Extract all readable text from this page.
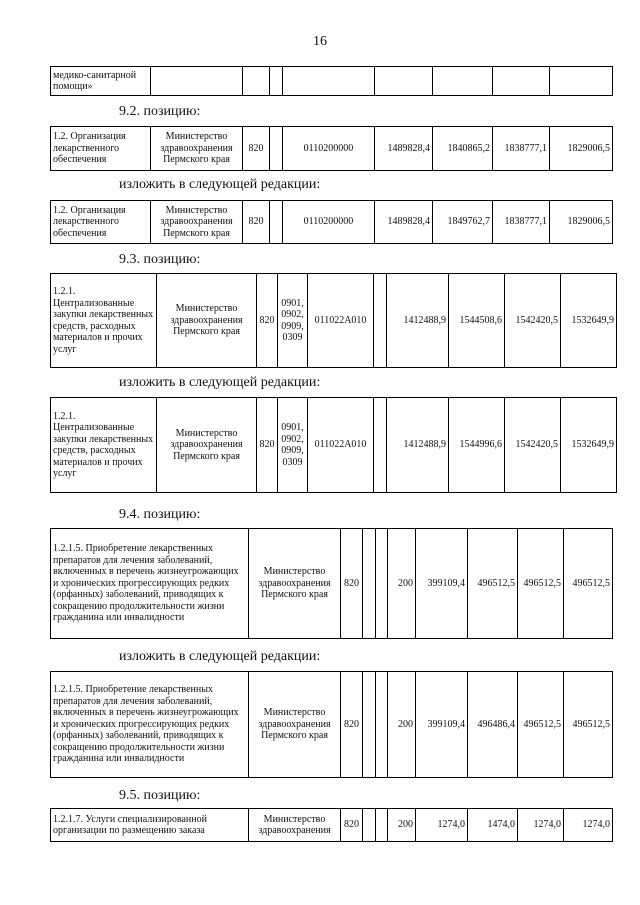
16
медико-санитарной помощи»								
9.2. позицию:
1.2. Организация лекарственного обеспечения	Министерство здравоохранения Пермского края	820		0110200000	1489828,4	1840865,2	1838777,1	1829006,5
изложить в следующей редакции:
1.2. Организация лекарственного обеспечения	Министерство здравоохранения Пермского края	820		0110200000	1489828,4	1849762,7	1838777,1	1829006,5
9.3. позицию:
1.2.1. Централизованные закупки лекарственных средств, расходных материалов и прочих услуг	Министерство здравоохранения Пермского края	820	0901, 0902, 0909, 0309	011022А010		1412488,9	1544508,6	1542420,5	1532649,9
изложить в следующей редакции:
1.2.1. Централизованные закупки лекарственных средств, расходных материалов и прочих услуг	Министерство здравоохранения Пермского края	820	0901, 0902, 0909, 0309	011022А010		1412488,9	1544996,6	1542420,5	1532649,9
9.4. позицию:
1.2.1.5. Приобретение лекарственных препаратов для лечения заболеваний, включенных в перечень жизнеугрожающих и хронических прогрессирующих редких (орфанных) заболеваний, приводящих к сокращению продолжительности жизни гражданина или инвалидности	Министерство здравоохранения Пермского края	820			200	399109,4	496512,5	496512,5	496512,5
изложить в следующей редакции:
1.2.1.5. Приобретение лекарственных препаратов для лечения заболеваний, включенных в перечень жизнеугрожающих и хронических прогрессирующих редких (орфанных) заболеваний, приводящих к сокращению продолжительности жизни гражданина или инвалидности	Министерство здравоохранения Пермского края	820			200	399109,4	496486,4	496512,5	496512,5
9.5. позицию:
1.2.1.7. Услуги специализированной организации по размещению заказа	Министерство здравоохранения	820			200	1274,0	1474,0	1274,0	1274,0
